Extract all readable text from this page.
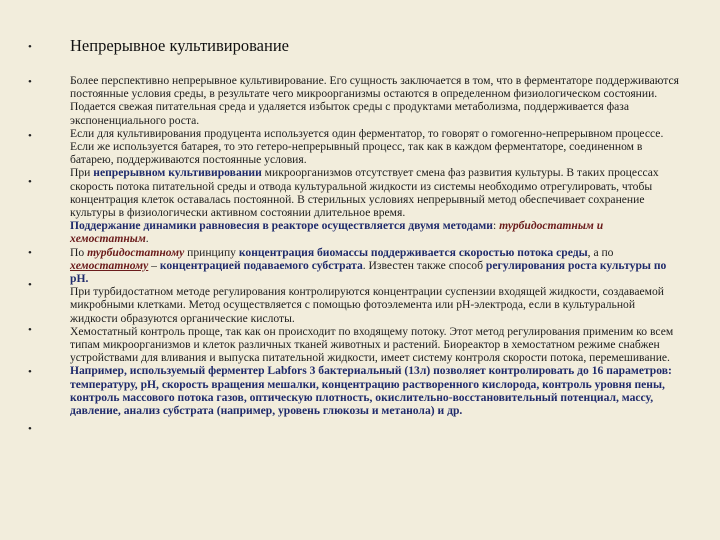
• Непрерывное культивирование
•
•
•
•
•
•
•
•

Более перспективно непрерывное культивирование. Его сущность заключается в том, что в ферментаторе поддерживаются постоянные условия среды, в результате чего микроорганизмы остаются в определенном физиологическом состоянии. Подается свежая питательная среда и удаляется избыток среды с продуктами метаболизма, поддерживается фаза экспоненциального роста.

Если для культивирования продуцента используется один ферментатор, то говорят о гомогенно-непрерывном процессе. Если же используется батарея, то это гетеро-непрерывный процесс, так как в каждом ферментаторе, соединенном в батарею, поддерживаются постоянные условия.

При непрерывном культивировании микроорганизмов отсутствует смена фаз развития культуры. В таких процессах скорость потока питательной среды и отвода культуральной жидкости из системы необходимо отрегулировать, чтобы концентрация клеток оставалась постоянной. В стерильных условиях непрерывный метод обеспечивает сохранение культуры в физиологически активном состоянии длительное время.

Поддержание динамики равновесия в реакторе осуществляется двумя методами: турбидостатным и хемостатным.

По турбидостатному принципу концентрация биомассы поддерживается скоростью потока среды, а по хемостатному – концентрацией подаваемого субстрата. Известен также способ регулирования роста культуры по рН.

При турбидостатном методе регулирования контролируются концентрации суспензии входящей жидкости, создаваемой микробными клетками. Метод осуществляется с помощью фотоэлемента или рН-электрода, если в культуральной жидкости образуются органические кислоты.

Хемостатный контроль проще, так как он происходит по входящему потоку. Этот метод регулирования применим ко всем типам микроорганизмов и клеток различных тканей животных и растений. Биореактор в хемостатном режиме снабжен устройствами для вливания и выпуска питательной жидкости, имеет систему контроля скорости потока, перемешивание.

Например, используемый ферментер Labfors 3 бактериальный (13л) позволяет контролировать до 16 параметров: температуру, рН, скорость вращения мешалки, концентрацию растворенного кислорода, контроль уровня пены, контроль массового потока газов, оптическую плотность, окислительно-восстановительный потенциал, массу, давление, анализ субстрата (например, уровень глюкозы и метанола) и др.
